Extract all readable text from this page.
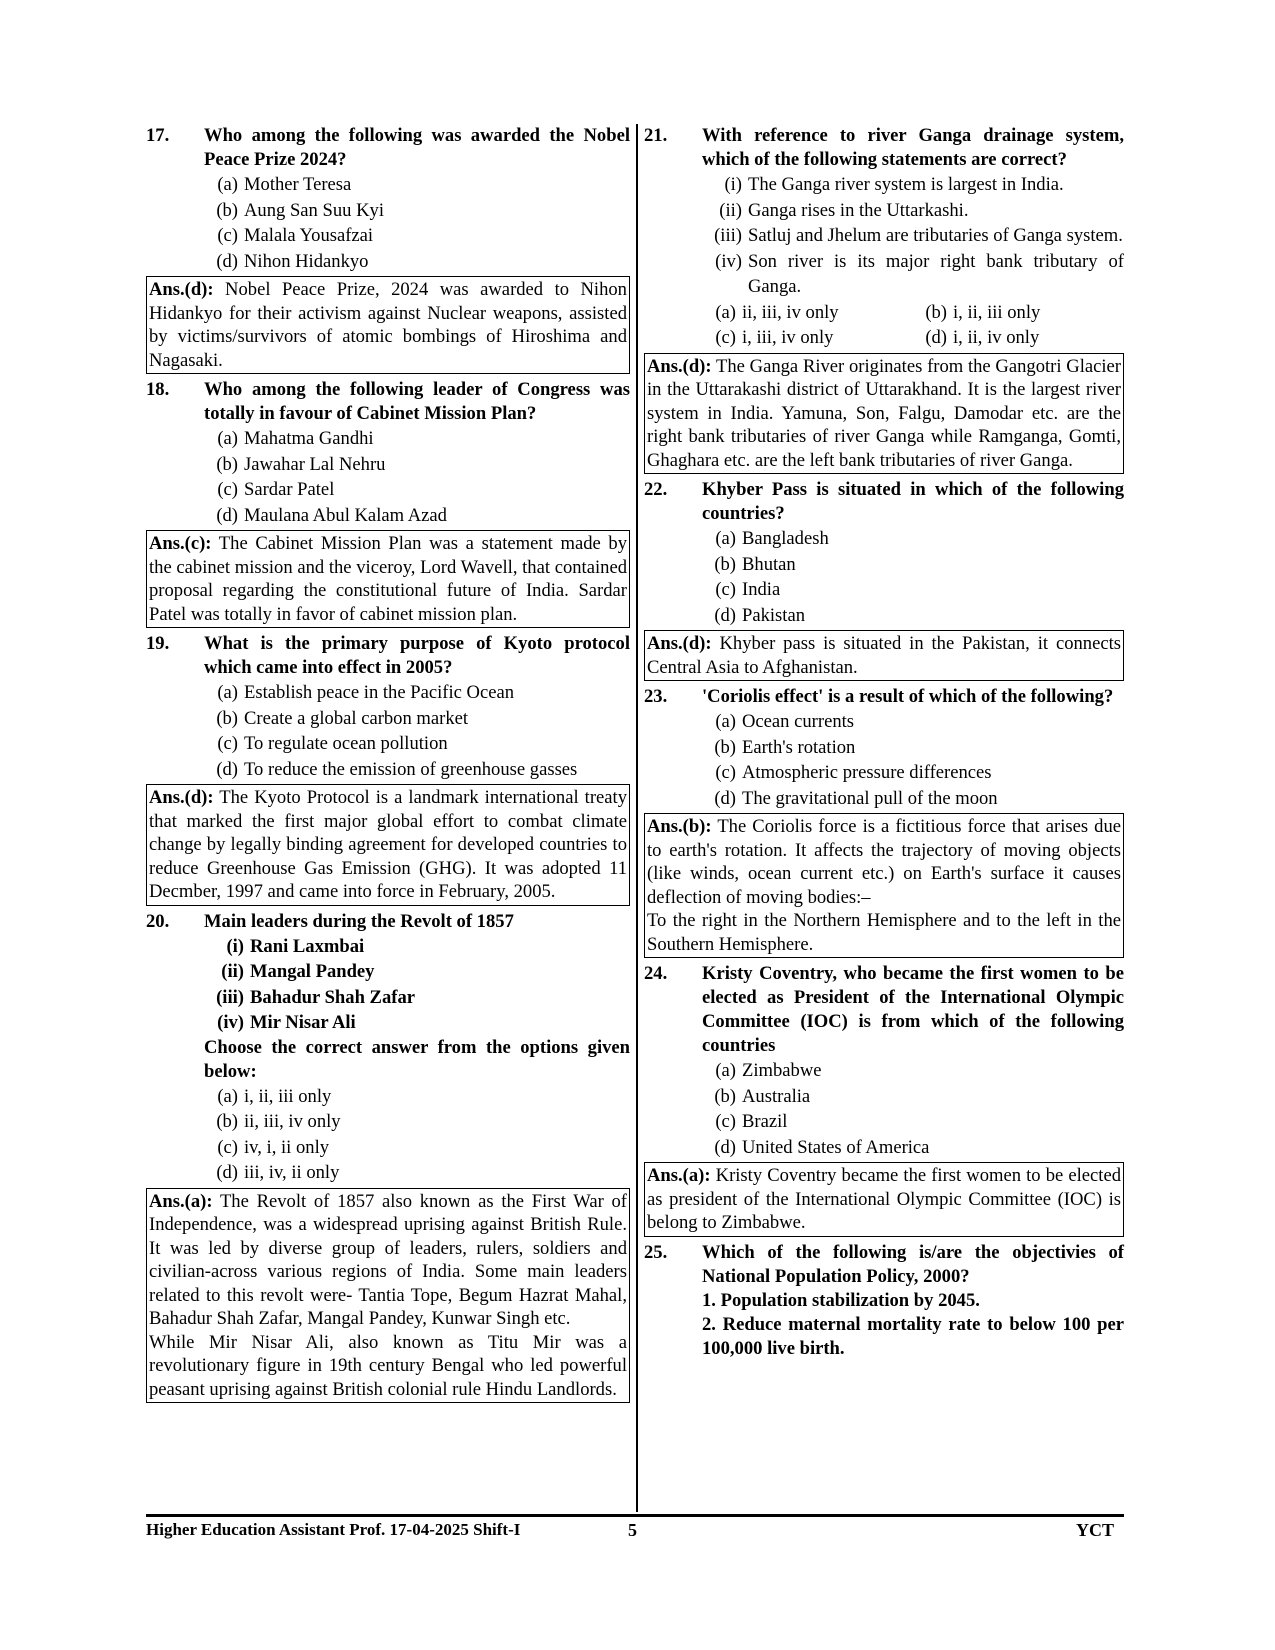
17.	Who among the following was awarded the Nobel Peace Prize 2024?
(a) Mother Teresa
(b) Aung San Suu Kyi
(c) Malala Yousafzai
(d) Nihon Hidankyo
Ans.(d): Nobel Peace Prize, 2024 was awarded to Nihon Hidankyo for their activism against Nuclear weapons, assisted by victims/survivors of atomic bombings of Hiroshima and Nagasaki.
18.	Who among the following leader of Congress was totally in favour of Cabinet Mission Plan?
(a) Mahatma Gandhi
(b) Jawahar Lal Nehru
(c) Sardar Patel
(d) Maulana Abul Kalam Azad
Ans.(c): The Cabinet Mission Plan was a statement made by the cabinet mission and the viceroy, Lord Wavell, that contained proposal regarding the constitutional future of India. Sardar Patel was totally in favor of cabinet mission plan.
19.	What is the primary purpose of Kyoto protocol which came into effect in 2005?
(a) Establish peace in the Pacific Ocean
(b) Create a global carbon market
(c) To regulate ocean pollution
(d) To reduce the emission of greenhouse gasses
Ans.(d): The Kyoto Protocol is a landmark international treaty that marked the first major global effort to combat climate change by legally binding agreement for developed countries to reduce Greenhouse Gas Emission (GHG). It was adopted 11 Decmber, 1997 and came into force in February, 2005.
20.	Main leaders during the Revolt of 1857
(i) Rani Laxmbai
(ii) Mangal Pandey
(iii) Bahadur Shah Zafar
(iv) Mir Nisar Ali
Choose the correct answer from the options given below:
(a) i, ii, iii only
(b) ii, iii, iv only
(c) iv, i, ii only
(d) iii, iv, ii only

Ans.(a): The Revolt of 1857 also known as the First War of Independence, was a widespread uprising against British Rule. It was led by diverse group of leaders, rulers, soldiers and civilian-across various regions of India. Some main leaders related to this revolt were- Tantia Tope, Begum Hazrat Mahal, Bahadur Shah Zafar, Mangal Pandey, Kunwar Singh etc.

While Mir Nisar Ali, also known as Titu Mir was a revolutionary figure in 19th century Bengal who led powerful peasant uprising against British colonial rule Hindu Landlords.

21.	With reference to river Ganga drainage system, which of the following statements are correct?
(i) The Ganga river system is largest in India.
(ii) Ganga rises in the Uttarkashi.
(iii) Satluj and Jhelum are tributaries of Ganga system.
(iv) Son river is its major right bank tributary of Ganga.
(a) ii, iii, iv only	(b) i, ii, iii only
(c) i, iii, iv only	(d) i, ii, iv only
Ans.(d): The Ganga River originates from the Gangotri Glacier in the Uttarakashi district of Uttarakhand. It is the largest river system in India. Yamuna, Son, Falgu, Damodar etc. are the right bank tributaries of river Ganga while Ramganga, Gomti, Ghaghara etc. are the left bank tributaries of river Ganga.
22.	Khyber Pass is situated in which of the following countries?
(a) Bangladesh
(b) Bhutan
(c) India
(d) Pakistan
Ans.(d): Khyber pass is situated in the Pakistan, it connects Central Asia to Afghanistan.
23.	'Coriolis effect' is a result of which of the following?
(a) Ocean currents
(b) Earth's rotation
(c) Atmospheric pressure differences
(d) The gravitational pull of the moon

Ans.(b): The Coriolis force is a fictitious force that arises due to earth's rotation. It affects the trajectory of moving objects (like winds, ocean current etc.) on Earth's surface it causes deflection of moving bodies:–

To the right in the Northern Hemisphere and to the left in the Southern Hemisphere.

24.	Kristy Coventry, who became the first women to be elected as President of the International Olympic Committee (IOC) is from which of the following countries
(a) Zimbabwe
(b) Australia
(c) Brazil
(d) United States of America
Ans.(a): Kristy Coventry became the first women to be elected as president of the International Olympic Committee (IOC) is belong to Zimbabwe.
25.	Which of the following is/are the objectivies of National Population Policy, 2000?
1. Population stabilization by 2045.
2. Reduce maternal mortality rate to below 100 per 100,000 live birth.
Higher Education Assistant Prof. 17-04-2025 Shift-I	5	YCT
